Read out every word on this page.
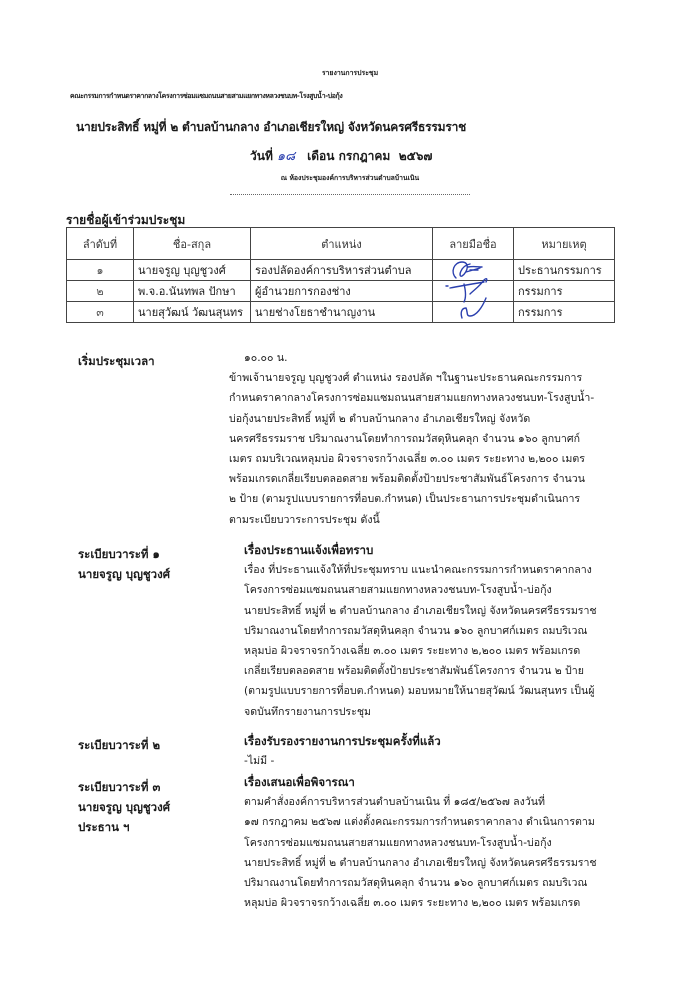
รายงานการประชุม
คณะกรรมการกำหนดราคากลางโครงการซ่อมแซมถนนสายสามแยกทางหลวงชนบท-โรงสูบน้ำ-บ่อกุ้ง
นายประสิทธิ์ หมู่ที่ ๒ ตำบลบ้านกลาง อำเภอเชียรใหญ่ จังหวัดนครศรีธรรมราช
วันที่ ๑๘ เดือน กรกฎาคม ๒๕๖๗
ณ ห้องประชุมองค์การบริหารส่วนตำบลบ้านเนิน
รายชื่อผู้เข้าร่วมประชุม
ลำดับที่	ชื่อ-สกุล	ตำแหน่ง	ลายมือชื่อ	หมายเหตุ
๑	นายจรูญ บุญชูวงศ์	รองปลัดองค์การบริหารส่วนตำบล		ประธานกรรมการ
๒	พ.จ.อ.นันทพล ปักษา	ผู้อำนวยการกองช่าง		กรรมการ
๓	นายสุวัฒน์ วัฒนสุนทร	นายช่างโยธาชำนาญงาน		กรรมการ
เริ่มประชุมเวลา	๑๐.๐๐ น.
ข้าพเจ้านายจรูญ บุญชูวงศ์ ตำแหน่ง รองปลัด ฯในฐานะประธานคณะกรรมการ
กำหนดราคากลางโครงการซ่อมแซมถนนสายสามแยกทางหลวงชนบท-โรงสูบน้ำ-
บ่อกุ้งนายประสิทธิ์ หมู่ที่ ๒ ตำบลบ้านกลาง อำเภอเชียรใหญ่ จังหวัด
นครศรีธรรมราช ปริมาณงานโดยทำการถมวัสดุหินคลุก จำนวน ๑๖๐ ลูกบาศก์
เมตร ถมบริเวณหลุมบ่อ ผิวจราจรกว้างเฉลี่ย ๓.๐๐ เมตร ระยะทาง ๒,๒๐๐ เมตร
พร้อมเกรดเกลี่ยเรียบตลอดสาย พร้อมติดตั้งป้ายประชาสัมพันธ์โครงการ จำนวน
๒ ป้าย (ตามรูปแบบรายการที่อบต.กำหนด) เป็นประธานการประชุมดำเนินการ
ตามระเบียบวาระการประชุม ดังนี้
ระเบียบวาระที่ ๑
นายจรูญ บุญชูวงศ์
เรื่องประธานแจ้งเพื่อทราบ
เรื่อง ที่ประธานแจ้งให้ที่ประชุมทราบ แนะนำคณะกรรมการกำหนดราคากลาง
โครงการซ่อมแซมถนนสายสามแยกทางหลวงชนบท-โรงสูบน้ำ-บ่อกุ้ง
นายประสิทธิ์ หมู่ที่ ๒ ตำบลบ้านกลาง อำเภอเชียรใหญ่ จังหวัดนครศรีธรรมราช
ปริมาณงานโดยทำการถมวัสดุหินคลุก จำนวน ๑๖๐ ลูกบาศก์เมตร ถมบริเวณ
หลุมบ่อ ผิวจราจรกว้างเฉลี่ย ๓.๐๐ เมตร ระยะทาง ๒,๒๐๐ เมตร พร้อมเกรด
เกลี่ยเรียบตลอดสาย พร้อมติดตั้งป้ายประชาสัมพันธ์โครงการ จำนวน ๒ ป้าย
(ตามรูปแบบรายการที่อบต.กำหนด) มอบหมายให้นายสุวัฒน์ วัฒนสุนทร เป็นผู้
จดบันทึกรายงานการประชุม
ระเบียบวาระที่ ๒	เรื่องรับรองรายงานการประชุมครั้งที่แล้ว
-ไม่มี -
ระเบียบวาระที่ ๓
นายจรูญ บุญชูวงศ์
ประธาน ฯ
เรื่องเสนอเพื่อพิจารณา
ตามคำสั่งองค์การบริหารส่วนตำบลบ้านเนิน ที่ ๑๘๕/๒๕๖๗ ลงวันที่
๑๗ กรกฎาคม ๒๕๖๗ แต่งตั้งคณะกรรมการกำหนดราคากลาง ดำเนินการตาม
โครงการซ่อมแซมถนนสายสามแยกทางหลวงชนบท-โรงสูบน้ำ-บ่อกุ้ง
นายประสิทธิ์ หมู่ที่ ๒ ตำบลบ้านกลาง อำเภอเชียรใหญ่ จังหวัดนครศรีธรรมราช
ปริมาณงานโดยทำการถมวัสดุหินคลุก จำนวน ๑๖๐ ลูกบาศก์เมตร ถมบริเวณ
หลุมบ่อ ผิวจราจรกว้างเฉลี่ย ๓.๐๐ เมตร ระยะทาง ๒,๒๐๐ เมตร พร้อมเกรด
